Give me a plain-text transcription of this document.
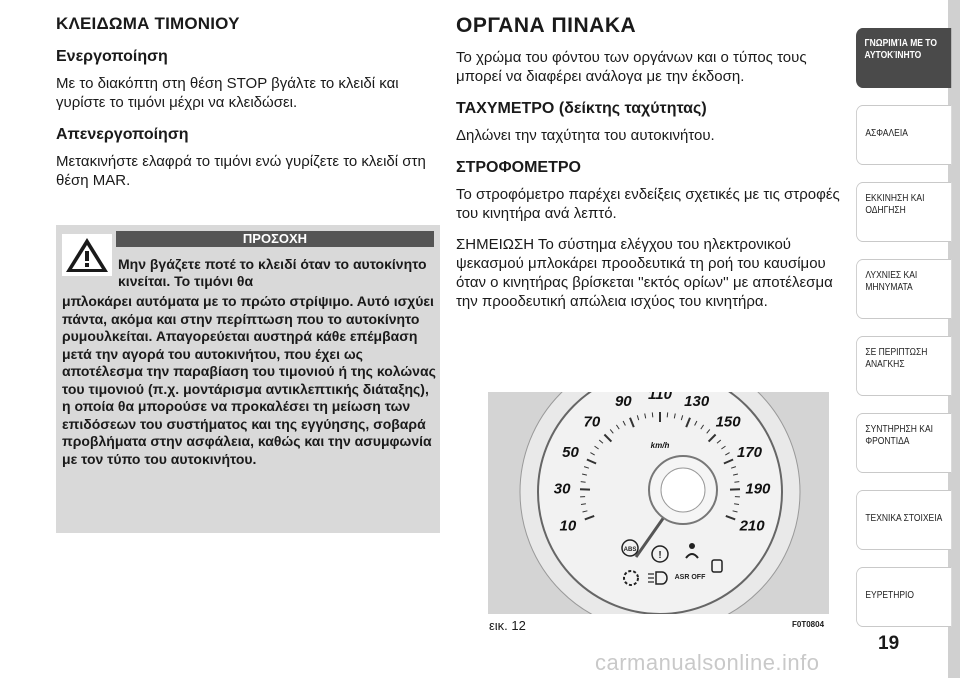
ΚΛΕΙΔΩΜΑ ΤΙΜΟΝΙΟΥ
Ενεργοποίηση

Με το διακόπτη στη θέση STOP βγάλτε το κλειδί και γυρίστε το τιμόνι μέχρι να κλειδώσει.

Απενεργοποίηση

Μετακινήστε ελαφρά το τιμόνι ενώ γυρίζετε το κλειδί στη θέση MAR.

ΠΡΟΣΟΧΗ

Μην βγάζετε ποτέ το κλειδί όταν το αυτοκίνητο κινείται. Το τιμόνι θα

μπλοκάρει αυτόματα με το πρώτο στρίψιμο. Αυτό ισχύει πάντα, ακόμα και στην περίπτωση που το αυτοκίνητο ρυμουλκείται. Απαγορεύεται αυστηρά κάθε επέμβαση μετά την αγορά του αυτοκινήτου, που έχει ως αποτέλεσμα την παραβίαση του τιμονιού ή της κολώνας του τιμονιού (π.χ. μοντάρισμα αντικλεπτικής διάταξης), η οποία θα μπορούσε να προκαλέσει τη μείωση των επιδόσεων του συστήματος και της εγγύησης, σοβαρά προβλήματα στην ασφάλεια, καθώς και την ασυμφωνία με τον τύπο του αυτοκινήτου.

ΟΡΓΑΝΑ ΠΙΝΑΚΑ

Το χρώμα του φόντου των οργάνων και ο τύπος τους μπορεί να διαφέρει ανάλογα με την έκδοση.

ΤΑΧΥΜΕΤΡΟ (δείκτης ταχύτητας)

Δηλώνει την ταχύτητα του αυτοκινήτου.

ΣΤΡΟΦΟΜΕΤΡΟ

Το στροφόμετρο παρέχει ενδείξεις σχετικές με τις στροφές του κινητήρα ανά λεπτό.

ΣΗΜΕΙΩΣΗ Το σύστημα ελέγχου του ηλεκτρονικού ψεκασμού μπλοκάρει προοδευτικά τη ροή του καυσίμου όταν ο κινητήρας βρίσκεται ''εκτός ορίων'' με αποτέλεσμα την προοδευτική απώλεια ισχύος του κινητήρα.

10
30
50
70
90 110 130
150
170
190
210
km/h
ABS !
ASR OFF
εικ. 12	F0T0804
ΓΝΩΡΙΜΊΑ ΜΕ ΤΟ
ΑΥΤΟΚΊΝΗΤΟ
ΑΣΦΑΛΕΙΑ
ΕΚΚΙΝΗΣΗ ΚΑΙ
ΟΔΗΓΗΣΗ
ΛΥΧΝΙΕΣ ΚΑΙ
ΜΗΝΥΜΑΤΑ
ΣΕ ΠΕΡΙΠΤΩΣΗ
ΑΝΑΓΚΗΣ
ΣΥΝΤΗΡΗΣΗ ΚΑΙ
ΦΡΟΝΤΙΔΑ
ΤΕΧΝΙΚΑ ΣΤΟΙΧΕΙΑ
ΕΥΡΕΤΗΡΙΟ
19
carmanualsonline.info
